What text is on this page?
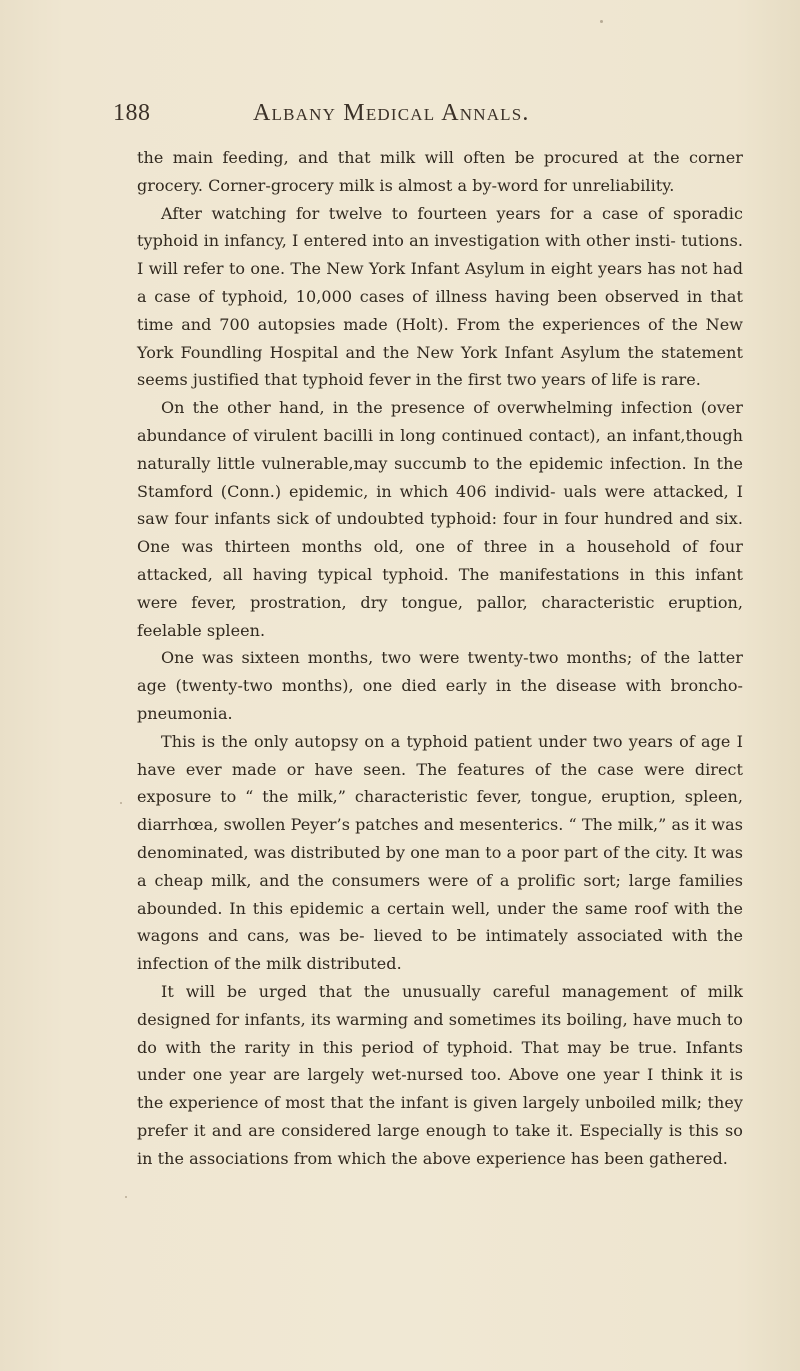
188	Albany Medical Annals.

the main feeding, and that milk will often be procured at the corner grocery. Corner-grocery milk is almost a by-word for unreliability.

After watching for twelve to fourteen years for a case of sporadic typhoid in infancy, I entered into an investigation with other insti- tutions. I will refer to one. The New York Infant Asylum in eight years has not had a case of typhoid, 10,000 cases of illness having been observed in that time and 700 autopsies made (Holt). From the experiences of the New York Foundling Hospital and the New York Infant Asylum the statement seems justified that typhoid fever in the first two years of life is rare.

On the other hand, in the presence of overwhelming infection (over abundance of virulent bacilli in long continued contact), an infant,though naturally little vulnerable,may succumb to the epidemic infection. In the Stamford (Conn.) epidemic, in which 406 individ- uals were attacked, I saw four infants sick of undoubted typhoid: four in four hundred and six. One was thirteen months old, one of three in a household of four attacked, all having typical typhoid. The manifestations in this infant were fever, prostration, dry tongue, pallor, characteristic eruption, feelable spleen.

One was sixteen months, two were twenty-two months; of the latter age (twenty-two months), one died early in the disease with broncho- pneumonia.

This is the only autopsy on a typhoid patient under two years of age I have ever made or have seen. The features of the case were direct exposure to “ the milk,” characteristic fever, tongue, eruption, spleen, diarrhœa, swollen Peyer’s patches and mesenterics. “ The milk,” as it was denominated, was distributed by one man to a poor part of the city. It was a cheap milk, and the consumers were of a prolific sort; large families abounded. In this epidemic a certain well, under the same roof with the wagons and cans, was be- lieved to be intimately associated with the infection of the milk distributed.

It will be urged that the unusually careful management of milk designed for infants, its warming and sometimes its boiling, have much to do with the rarity in this period of typhoid. That may be true. Infants under one year are largely wet-nursed too. Above one year I think it is the experience of most that the infant is given largely unboiled milk; they prefer it and are considered large enough to take it. Especially is this so in the associations from which the above experience has been gathered.
